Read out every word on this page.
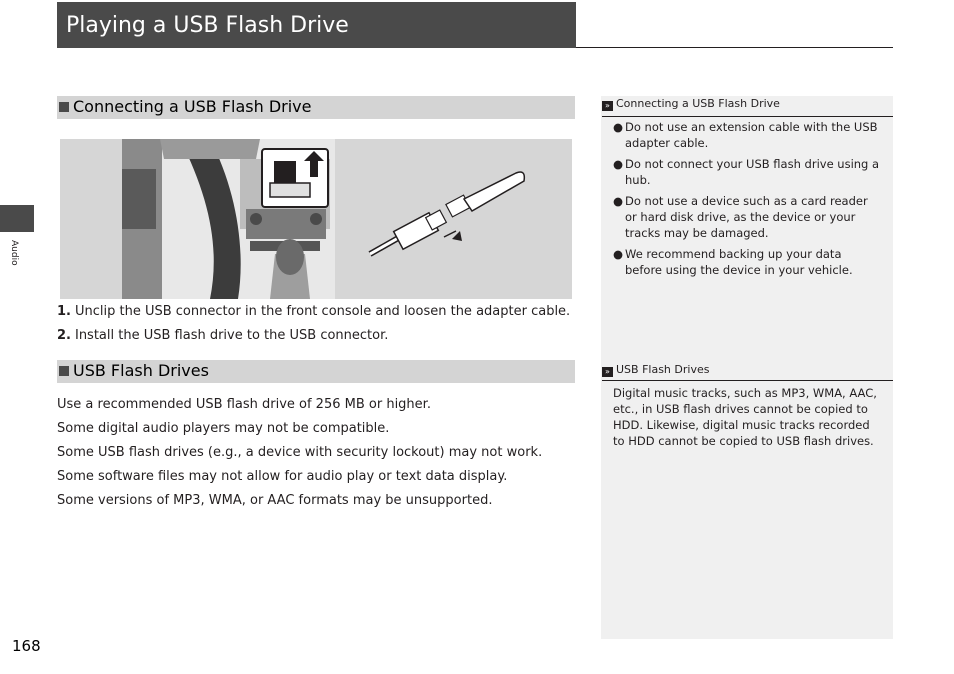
Playing a USB Flash Drive
Audio
Connecting a USB Flash Drive
1. Unclip the USB connector in the front console and loosen the adapter cable.
2. Install the USB flash drive to the USB connector.
USB Flash Drives
Use a recommended USB flash drive of 256 MB or higher.
Some digital audio players may not be compatible.
Some USB flash drives (e.g., a device with security lockout) may not work.
Some software files may not allow for audio play or text data display.
Some versions of MP3, WMA, or AAC formats may be unsupported.
» Connecting a USB Flash Drive
● Do not use an extension cable with the USB adapter cable.
● Do not connect your USB flash drive using a hub.
● Do not use a device such as a card reader or hard disk drive, as the device or your tracks may be damaged.
● We recommend backing up your data before using the device in your vehicle.
» USB Flash Drives
Digital music tracks, such as MP3, WMA, AAC, etc., in USB flash drives cannot be copied to HDD. Likewise, digital music tracks recorded to HDD cannot be copied to USB flash drives.
168
